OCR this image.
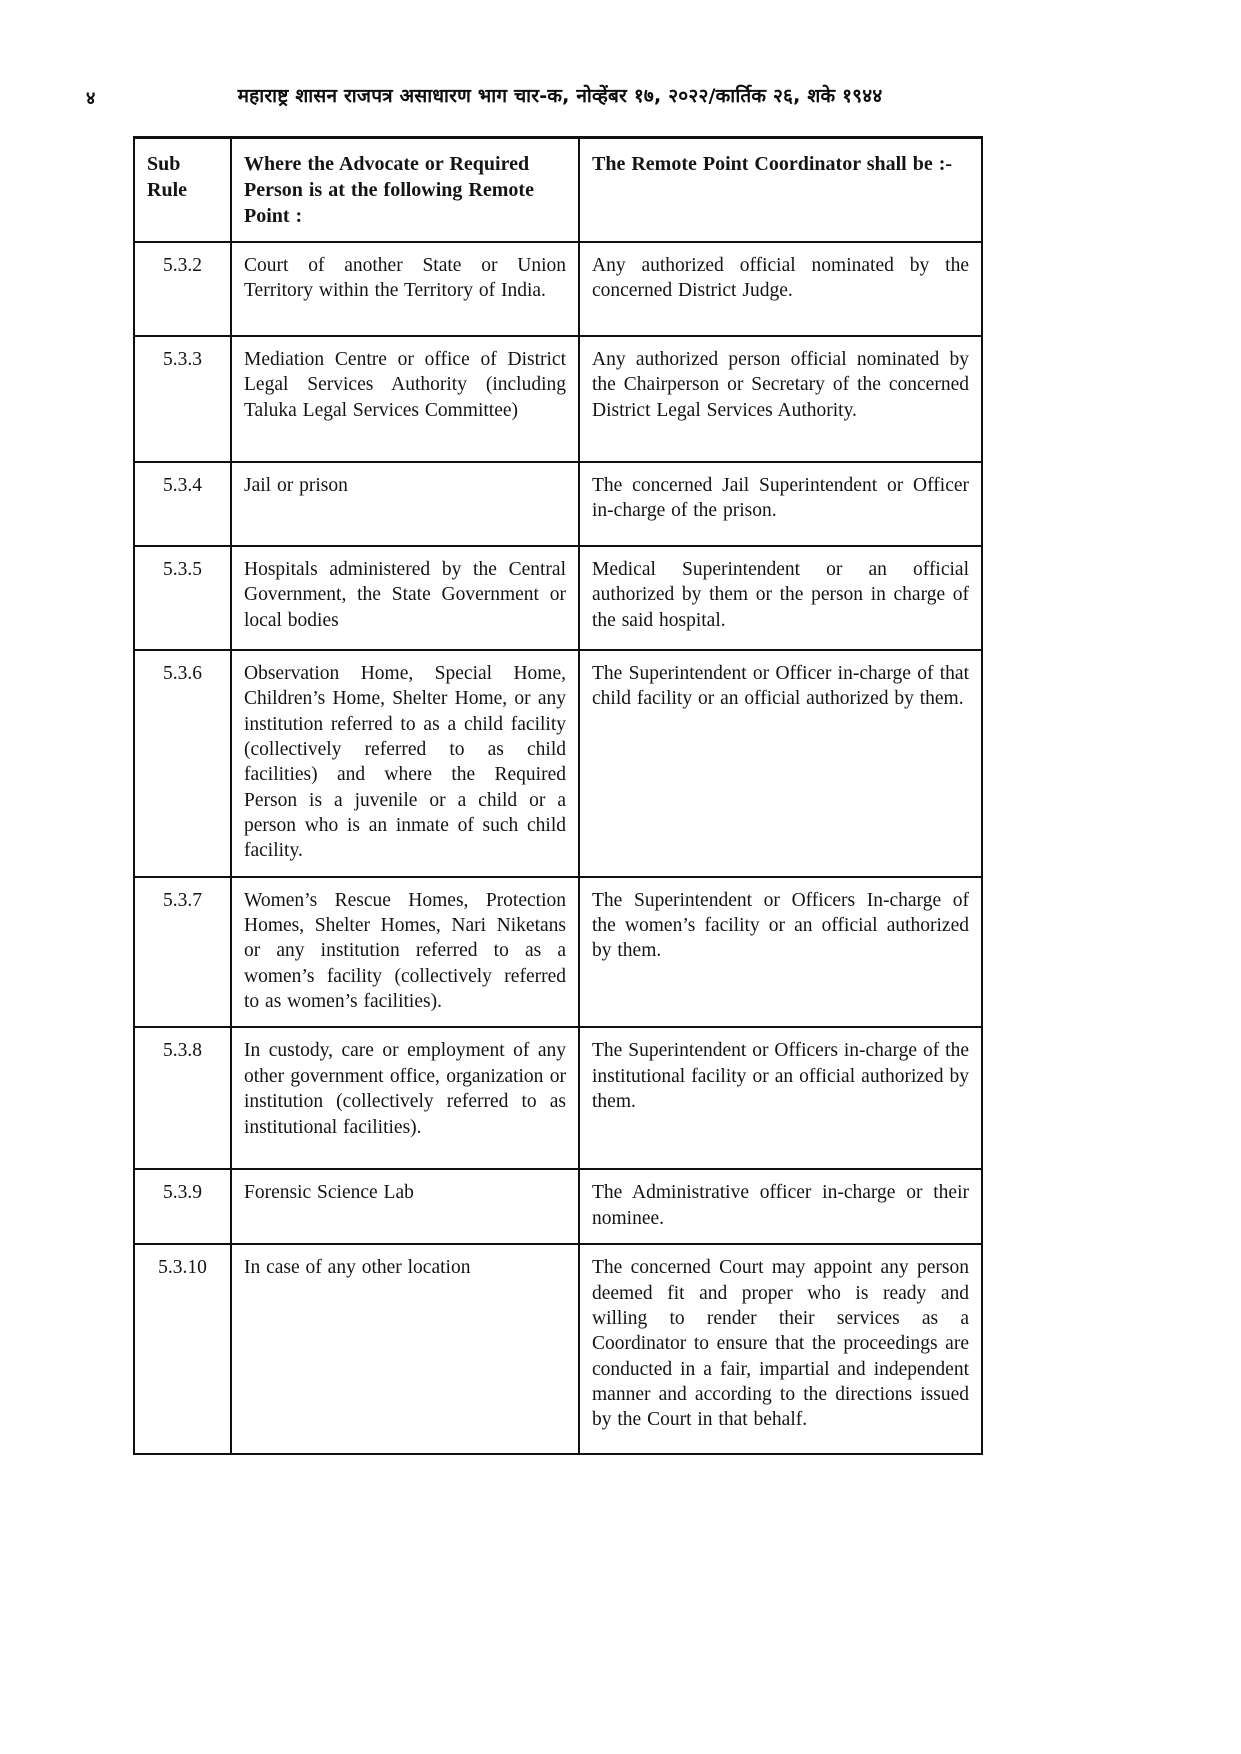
४	महाराष्ट्र शासन राजपत्र असाधारण भाग चार-क, नोव्हेंबर १७, २०२२/कार्तिक २६, शके १९४४
Sub Rule	Where the Advocate or Required Person is at the following Remote Point :	The Remote Point Coordinator shall be :-
5.3.2	Court of another State or Union Territory within the Territory of India.	Any authorized official nominated by the concerned District Judge.
5.3.3	Mediation Centre or office of District Legal Services Authority (including Taluka Legal Services Committee)	Any authorized person official nominated by the Chairperson or Secretary of the concerned District Legal Services Authority.
5.3.4	Jail or prison	The concerned Jail Superintendent or Officer in-charge of the prison.
5.3.5	Hospitals administered by the Central Government, the State Government or local bodies	Medical Superintendent or an official authorized by them or the person in charge of the said hospital.
5.3.6	Observation Home, Special Home, Children’s Home, Shelter Home, or any institution referred to as a child facility (collectively referred to as child facilities) and where the Required Person is a juvenile or a child or a person who is an inmate of such child facility.	The Superintendent or Officer in-charge of that child facility or an official authorized by them.
5.3.7	Women’s Rescue Homes, Protection Homes, Shelter Homes, Nari Niketans or any institution referred to as a women’s facility (collectively referred to as women’s facilities).	The Superintendent or Officers In-charge of the women’s facility or an official authorized by them.
5.3.8	In custody, care or employment of any other government office, organization or institution (collectively referred to as institutional facilities).	The Superintendent or Officers in-charge of the institutional facility or an official authorized by them.
5.3.9	Forensic Science Lab	The Administrative officer in-charge or their nominee.
5.3.10	In case of any other location	The concerned Court may appoint any person deemed fit and proper who is ready and willing to render their services as a Coordinator to ensure that the proceedings are conducted in a fair, impartial and independent manner and according to the directions issued by the Court in that behalf.
